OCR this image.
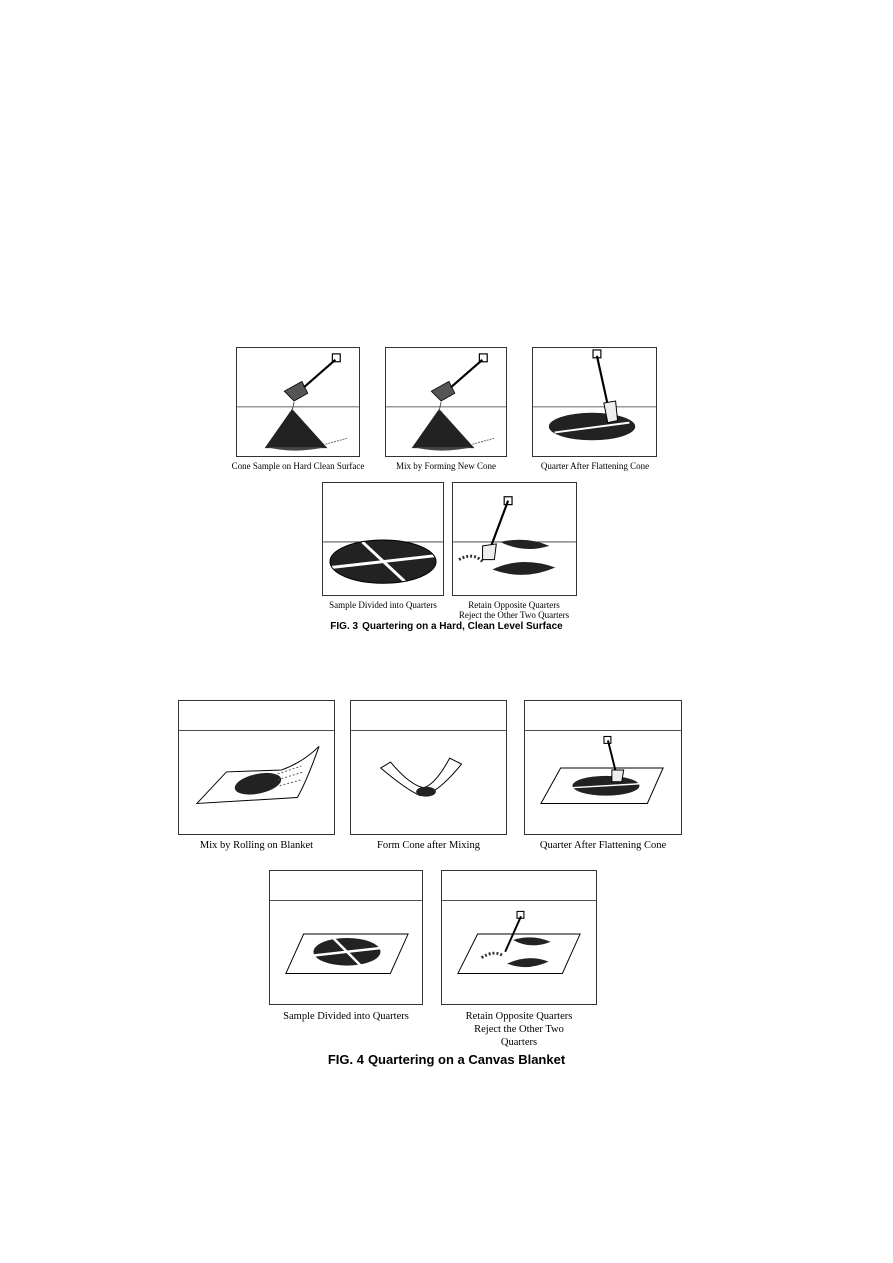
Cone Sample on Hard Clean Surface	Mix by Forming New Cone	Quarter After Flattening Cone
Sample Divided into Quarters	Retain Opposite Quarters
Reject the Other Two Quarters
FIG. 3 Quartering on a Hard, Clean Level Surface
Mix by Rolling on Blanket	Form Cone after Mixing	Quarter After Flattening Cone
Sample Divided into Quarters	Retain Opposite Quarters
Reject the Other Two
Quarters
FIG. 4 Quartering on a Canvas Blanket
